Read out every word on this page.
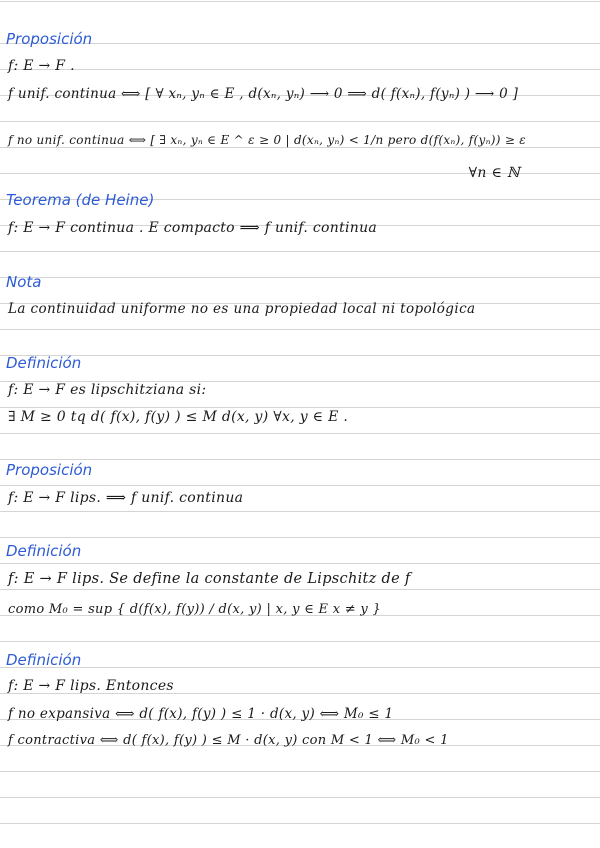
Proposición
f: E → F .
f unif. continua ⟺ [ ∀ xₙ, yₙ ∈ E , d(xₙ, yₙ) ⟶ 0 ⟹ d( f(xₙ), f(yₙ) ) ⟶ 0 ]
f no unif. continua ⟺ [ ∃ xₙ, yₙ ∈ E ^ ε ≥ 0 | d(xₙ, yₙ) < 1/n pero d(f(xₙ), f(yₙ)) ≥ ε
∀n ∈ ℕ
Teorema (de Heine)
f: E → F continua . E compacto ⟹ f unif. continua
Nota
La continuidad uniforme no es una propiedad local ni topológica
Definición
f: E → F es lipschitziana si:
∃ M ≥ 0 tq d( f(x), f(y) ) ≤ M d(x, y) ∀x, y ∈ E .
Proposición
f: E → F lips. ⟹ f unif. continua
Definición
f: E → F lips. Se define la constante de Lipschitz de f
como M₀ = sup { d(f(x), f(y)) / d(x, y) | x, y ∈ E x ≠ y }
Definición
f: E → F lips. Entonces
f no expansiva ⟺ d( f(x), f(y) ) ≤ 1 · d(x, y) ⟺ M₀ ≤ 1
f contractiva ⟺ d( f(x), f(y) ) ≤ M · d(x, y) con M < 1 ⟺ M₀ < 1
